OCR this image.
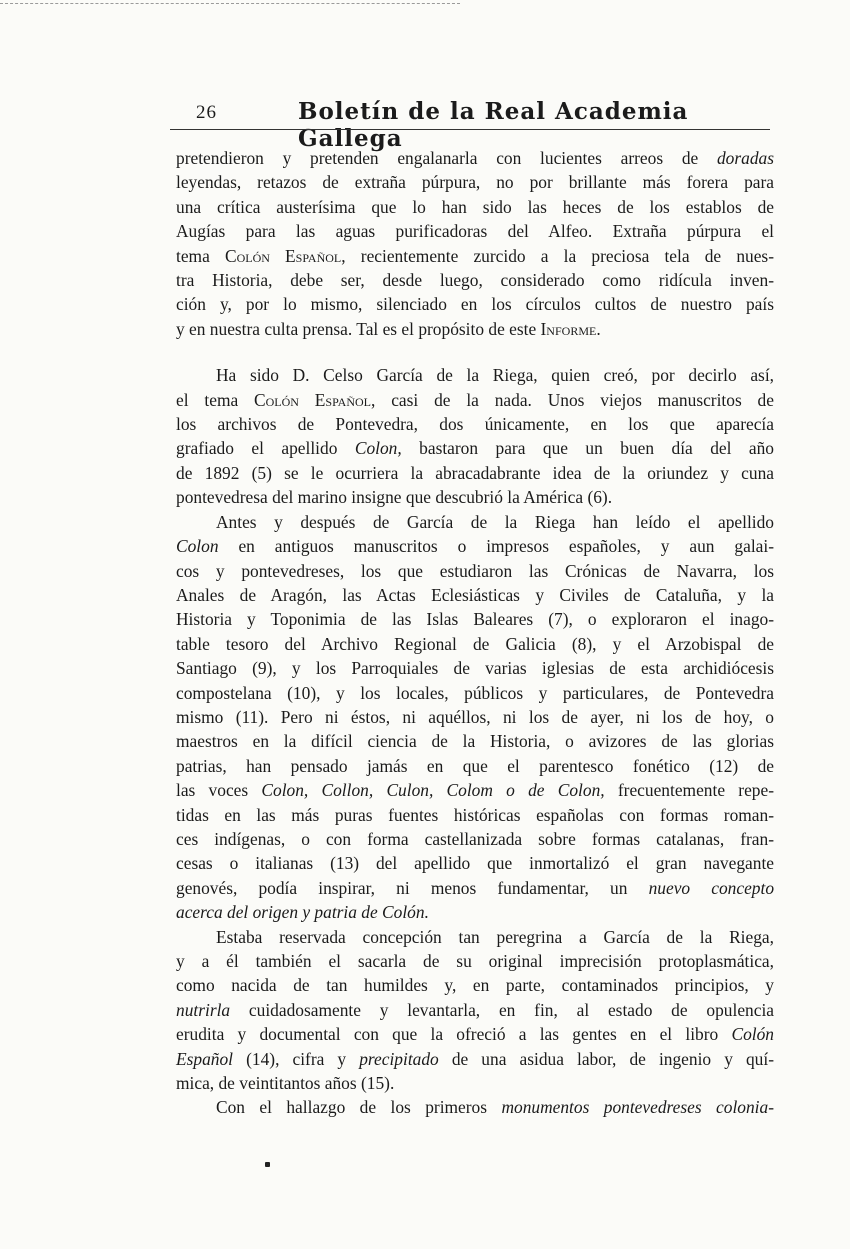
26	Boletín de la Real Academia Gallega
pretendieron y pretenden engalanarla con lucientes arreos de doradas
leyendas, retazos de extraña púrpura, no por brillante más forera para
una crítica austerísima que lo han sido las heces de los establos de
Augías para las aguas purificadoras del Alfeo. Extraña púrpura el
tema Colón Español, recientemente zurcido a la preciosa tela de nues-
tra Historia, debe ser, desde luego, considerado como ridícula inven-
ción y, por lo mismo, silenciado en los círculos cultos de nuestro país
y en nuestra culta prensa. Tal es el propósito de este Informe.
Ha sido D. Celso García de la Riega, quien creó, por decirlo así,
el tema Colón Español, casi de la nada. Unos viejos manuscritos de
los archivos de Pontevedra, dos únicamente, en los que aparecía
grafiado el apellido Colon, bastaron para que un buen día del año
de 1892 (5) se le ocurriera la abracadabrante idea de la oriundez y cuna
pontevedresa del marino insigne que descubrió la América (6).
Antes y después de García de la Riega han leído el apellido
Colon en antiguos manuscritos o impresos españoles, y aun galai-
cos y pontevedreses, los que estudiaron las Crónicas de Navarra, los
Anales de Aragón, las Actas Eclesiásticas y Civiles de Cataluña, y la
Historia y Toponimia de las Islas Baleares (7), o exploraron el inago-
table tesoro del Archivo Regional de Galicia (8), y el Arzobispal de
Santiago (9), y los Parroquiales de varias iglesias de esta archidiócesis
compostelana (10), y los locales, públicos y particulares, de Pontevedra
mismo (11). Pero ni éstos, ni aquéllos, ni los de ayer, ni los de hoy, o
maestros en la difícil ciencia de la Historia, o avizores de las glorias
patrias, han pensado jamás en que el parentesco fonético (12) de
las voces Colon, Collon, Culon, Colom o de Colon, frecuentemente repe-
tidas en las más puras fuentes históricas españolas con formas roman-
ces indígenas, o con forma castellanizada sobre formas catalanas, fran-
cesas o italianas (13) del apellido que inmortalizó el gran navegante
genovés, podía inspirar, ni menos fundamentar, un nuevo concepto
acerca del origen y patria de Colón.
Estaba reservada concepción tan peregrina a García de la Riega,
y a él también el sacarla de su original imprecisión protoplasmática,
como nacida de tan humildes y, en parte, contaminados principios, y
nutrirla cuidadosamente y levantarla, en fin, al estado de opulencia
erudita y documental con que la ofreció a las gentes en el libro Colón
Español (14), cifra y precipitado de una asidua labor, de ingenio y quí-
mica, de veintitantos años (15).
Con el hallazgo de los primeros monumentos pontevedreses colonia-
